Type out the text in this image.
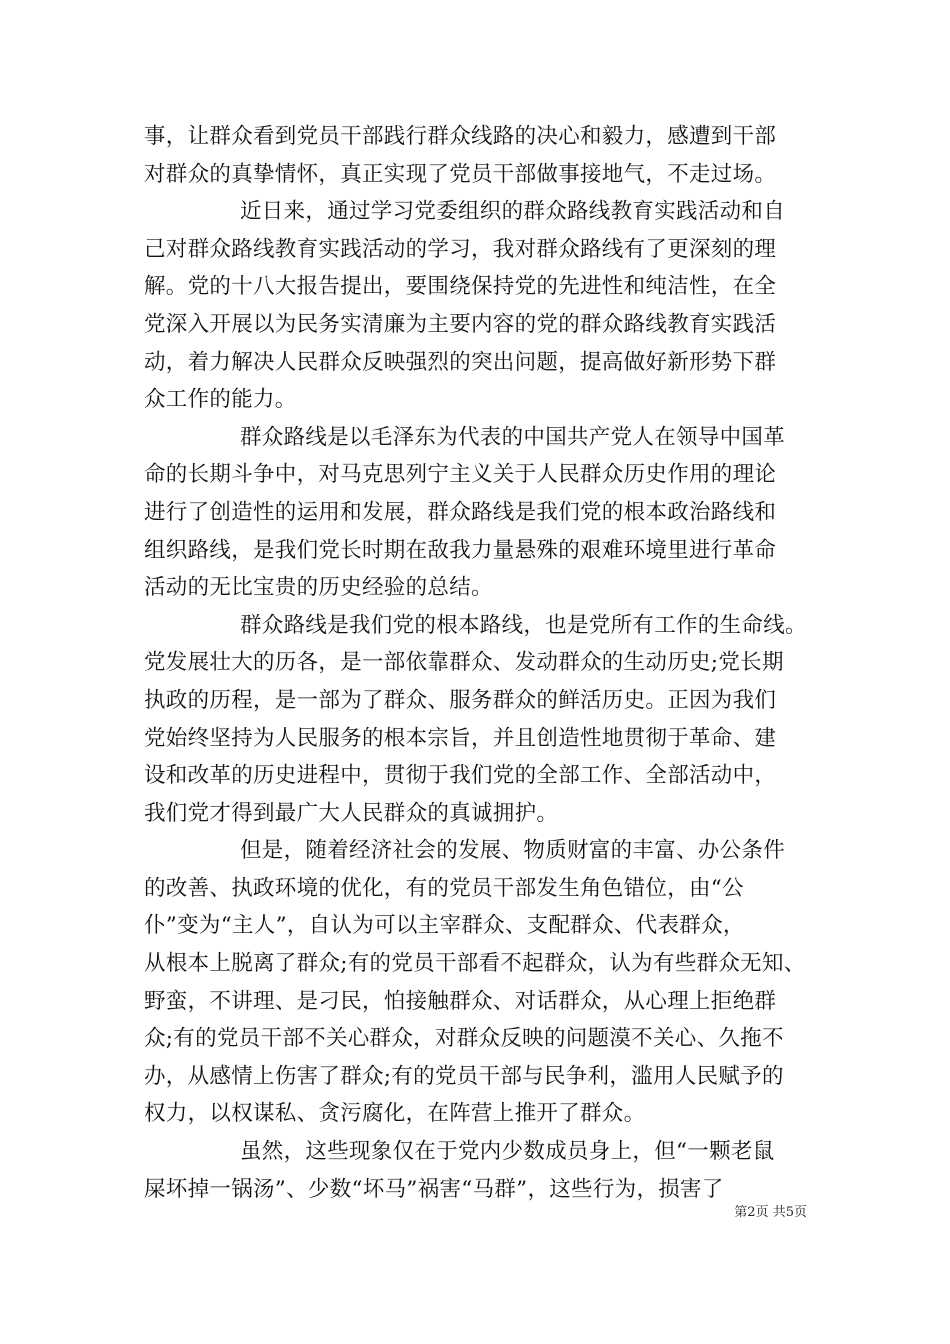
事，让群众看到党员干部践行群众线路的决心和毅力，感遭到干部
对群众的真挚情怀，真正实现了党员干部做事接地气，不走过场。
近日来，通过学习党委组织的群众路线教育实践活动和自
己对群众路线教育实践活动的学习，我对群众路线有了更深刻的理
解。党的十八大报告提出，要围绕保持党的先进性和纯洁性，在全
党深入开展以为民务实清廉为主要内容的党的群众路线教育实践活
动，着力解决人民群众反映强烈的突出问题，提高做好新形势下群
众工作的能力。
群众路线是以毛泽东为代表的中国共产党人在领导中国革
命的长期斗争中，对马克思列宁主义关于人民群众历史作用的理论
进行了创造性的运用和发展，群众路线是我们党的根本政治路线和
组织路线，是我们党长时期在敌我力量悬殊的艰难环境里进行革命
活动的无比宝贵的历史经验的总结。
群众路线是我们党的根本路线，也是党所有工作的生命线。
党发展壮大的历各，是一部依靠群众、发动群众的生动历史;党长期
执政的历程，是一部为了群众、服务群众的鲜活历史。正因为我们
党始终坚持为人民服务的根本宗旨，并且创造性地贯彻于革命、建
设和改革的历史进程中，贯彻于我们党的全部工作、全部活动中，
我们党才得到最广大人民群众的真诚拥护。
但是，随着经济社会的发展、物质财富的丰富、办公条件
的改善、执政环境的优化，有的党员干部发生角色错位，由“公
仆”变为“主人”，自认为可以主宰群众、支配群众、代表群众，
从根本上脱离了群众;有的党员干部看不起群众，认为有些群众无知、
野蛮，不讲理、是刁民，怕接触群众、对话群众，从心理上拒绝群
众;有的党员干部不关心群众，对群众反映的问题漠不关心、久拖不
办，从感情上伤害了群众;有的党员干部与民争利，滥用人民赋予的
权力，以权谋私、贪污腐化，在阵营上推开了群众。
虽然，这些现象仅在于党内少数成员身上，但“一颗老鼠
屎坏掉一锅汤”、少数“坏马”祸害“马群”，这些行为，损害了
第2页 共5页
